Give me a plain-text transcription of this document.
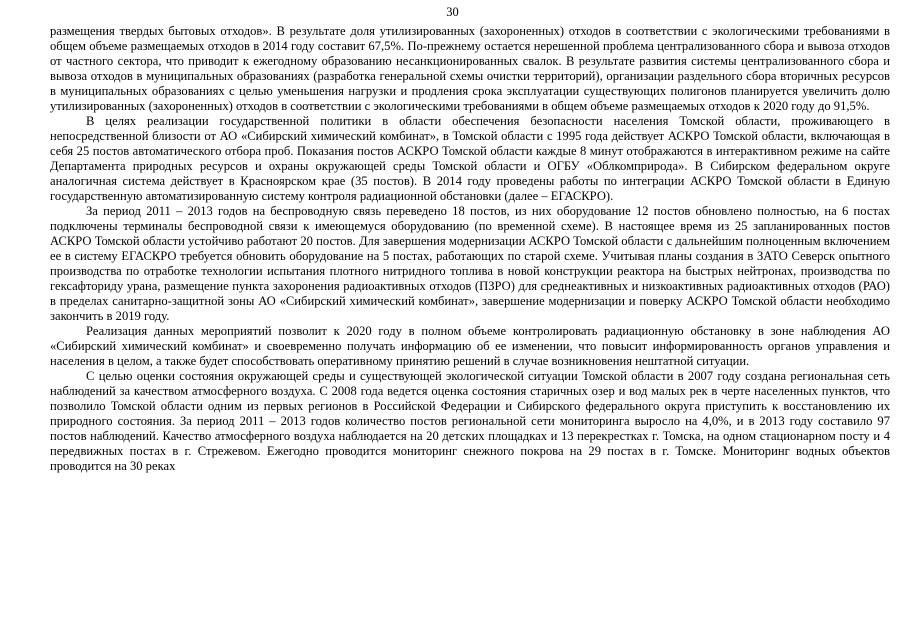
30

размещения твердых бытовых отходов». В результате доля утилизированных (захороненных) отходов в соответствии с экологическими требованиями в общем объеме размещаемых отходов в 2014 году составит 67,5%. По-прежнему остается нерешенной проблема централизованного сбора и вывоза отходов от частного сектора, что приводит к ежегодному образованию несанкционированных свалок. В результате развития системы централизованного сбора и вывоза отходов в муниципальных образованиях (разработка генеральной схемы очистки территорий), организации раздельного сбора вторичных ресурсов в муниципальных образованиях с целью уменьшения нагрузки и продления срока эксплуатации существующих полигонов планируется увеличить долю утилизированных (захороненных) отходов в соответствии с экологическими требованиями в общем объеме размещаемых отходов к 2020 году до 91,5%.

В целях реализации государственной политики в области обеспечения безопасности населения Томской области, проживающего в непосредственной близости от АО «Сибирский химический комбинат», в Томской области с 1995 года действует АСКРО Томской области, включающая в себя 25 постов автоматического отбора проб. Показания постов АСКРО Томской области каждые 8 минут отображаются в интерактивном режиме на сайте Департамента природных ресурсов и охраны окружающей среды Томской области и ОГБУ «Облкомприрода». В Сибирском федеральном округе аналогичная система действует в Красноярском крае (35 постов). В 2014 году проведены работы по интеграции АСКРО Томской области в Единую государственную автоматизированную систему контроля радиационной обстановки (далее – ЕГАСКРО).

За период 2011 – 2013 годов на беспроводную связь переведено 18 постов, из них оборудование 12 постов обновлено полностью, на 6 постах подключены терминалы беспроводной связи к имеющемуся оборудованию (по временной схеме). В настоящее время из 25 запланированных постов АСКРО Томской области устойчиво работают 20 постов. Для завершения модернизации АСКРО Томской области с дальнейшим полноценным включением ее в систему ЕГАСКРО требуется обновить оборудование на 5 постах, работающих по старой схеме. Учитывая планы создания в ЗАТО Северск опытного производства по отработке технологии испытания плотного нитридного топлива в новой конструкции реактора на быстрых нейтронах, производства по гексафториду урана, размещение пункта захоронения радиоактивных отходов (ПЗРО) для среднеактивных и низкоактивных радиоактивных отходов (РАО) в пределах санитарно-защитной зоны АО «Сибирский химический комбинат», завершение модернизации и поверку АСКРО Томской области необходимо закончить в 2019 году.

Реализация данных мероприятий позволит к 2020 году в полном объеме контролировать радиационную обстановку в зоне наблюдения АО «Сибирский химический комбинат» и своевременно получать информацию об ее изменении, что повысит информированность органов управления и населения в целом, а также будет способствовать оперативному принятию решений в случае возникновения нештатной ситуации.

С целью оценки состояния окружающей среды и существующей экологической ситуации Томской области в 2007 году создана региональная сеть наблюдений за качеством атмосферного воздуха. С 2008 года ведется оценка состояния старичных озер и вод малых рек в черте населенных пунктов, что позволило Томской области одним из первых регионов в Российской Федерации и Сибирского федерального округа приступить к восстановлению их природного состояния. За период 2011 – 2013 годов количество постов региональной сети мониторинга выросло на 4,0%, и в 2013 году составило 97 постов наблюдений. Качество атмосферного воздуха наблюдается на 20 детских площадках и 13 перекрестках г. Томска, на одном стационарном посту и 4 передвижных постах в г. Стрежевом. Ежегодно проводится мониторинг снежного покрова на 29 постах в г. Томске. Мониторинг водных объектов проводится на 30 реках
